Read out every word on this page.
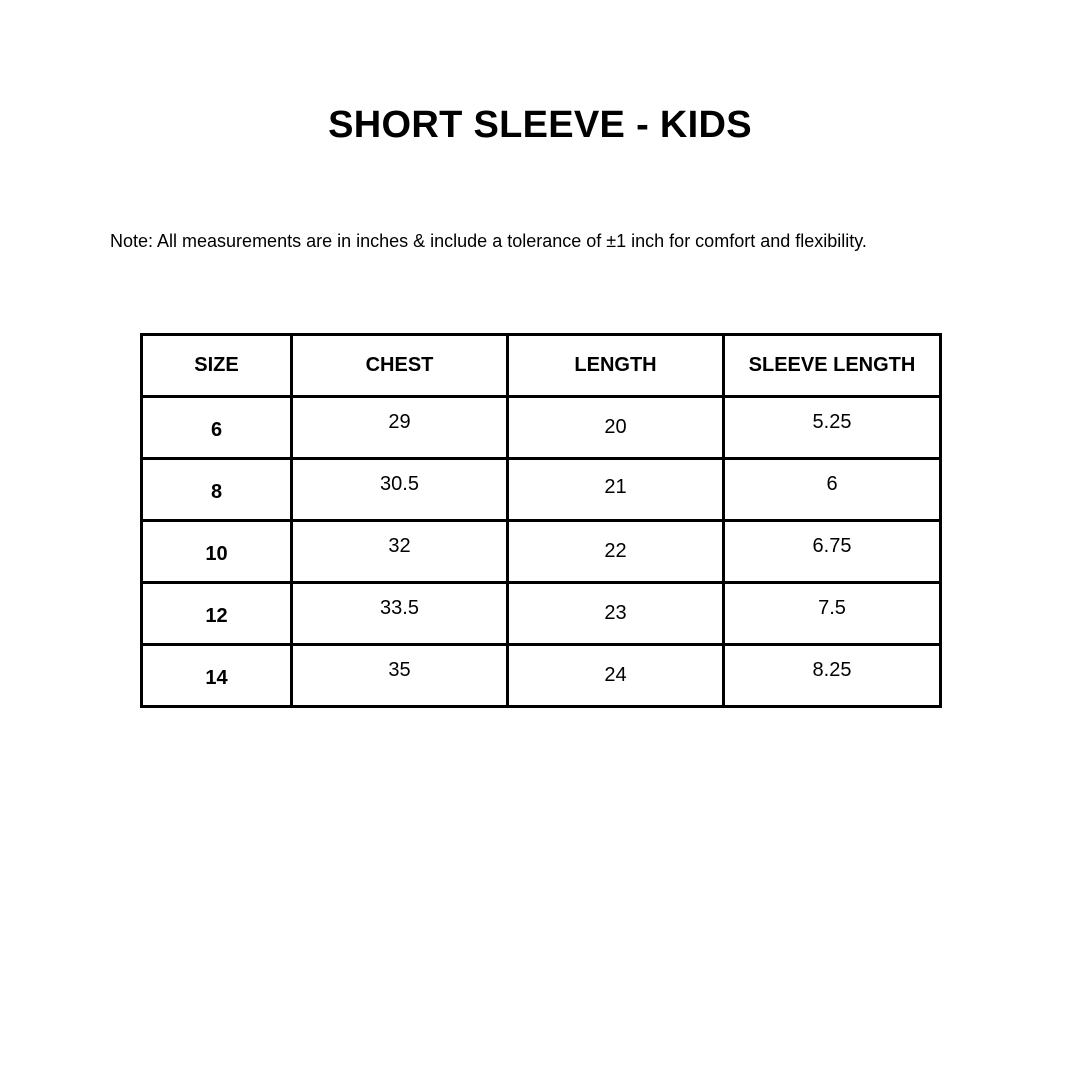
SHORT SLEEVE - KIDS
Note: All measurements are in inches & include a tolerance of ±1 inch for comfort and flexibility.
SIZE	CHEST	LENGTH	SLEEVE LENGTH
6	29	20	5.25
8	30.5	21	6
10	32	22	6.75
12	33.5	23	7.5
14	35	24	8.25
